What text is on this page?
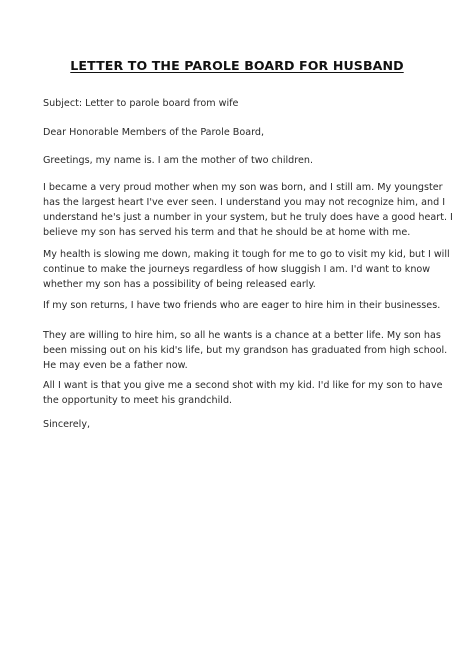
LETTER TO THE PAROLE BOARD FOR HUSBAND

Subject: Letter to parole board from wife

Dear Honorable Members of the Parole Board,

Greetings, my name is. I am the mother of two children.

I became a very proud mother when my son was born, and I still am. My youngster
has the largest heart I've ever seen. I understand you may not recognize him, and I
understand he's just a number in your system, but he truly does have a good heart. I
believe my son has served his term and that he should be at home with me.

My health is slowing me down, making it tough for me to go to visit my kid, but I will
continue to make the journeys regardless of how sluggish I am. I'd want to know
whether my son has a possibility of being released early.

If my son returns, I have two friends who are eager to hire him in their businesses.

They are willing to hire him, so all he wants is a chance at a better life. My son has
been missing out on his kid's life, but my grandson has graduated from high school.
He may even be a father now.

All I want is that you give me a second shot with my kid. I'd like for my son to have
the opportunity to meet his grandchild.

Sincerely,
